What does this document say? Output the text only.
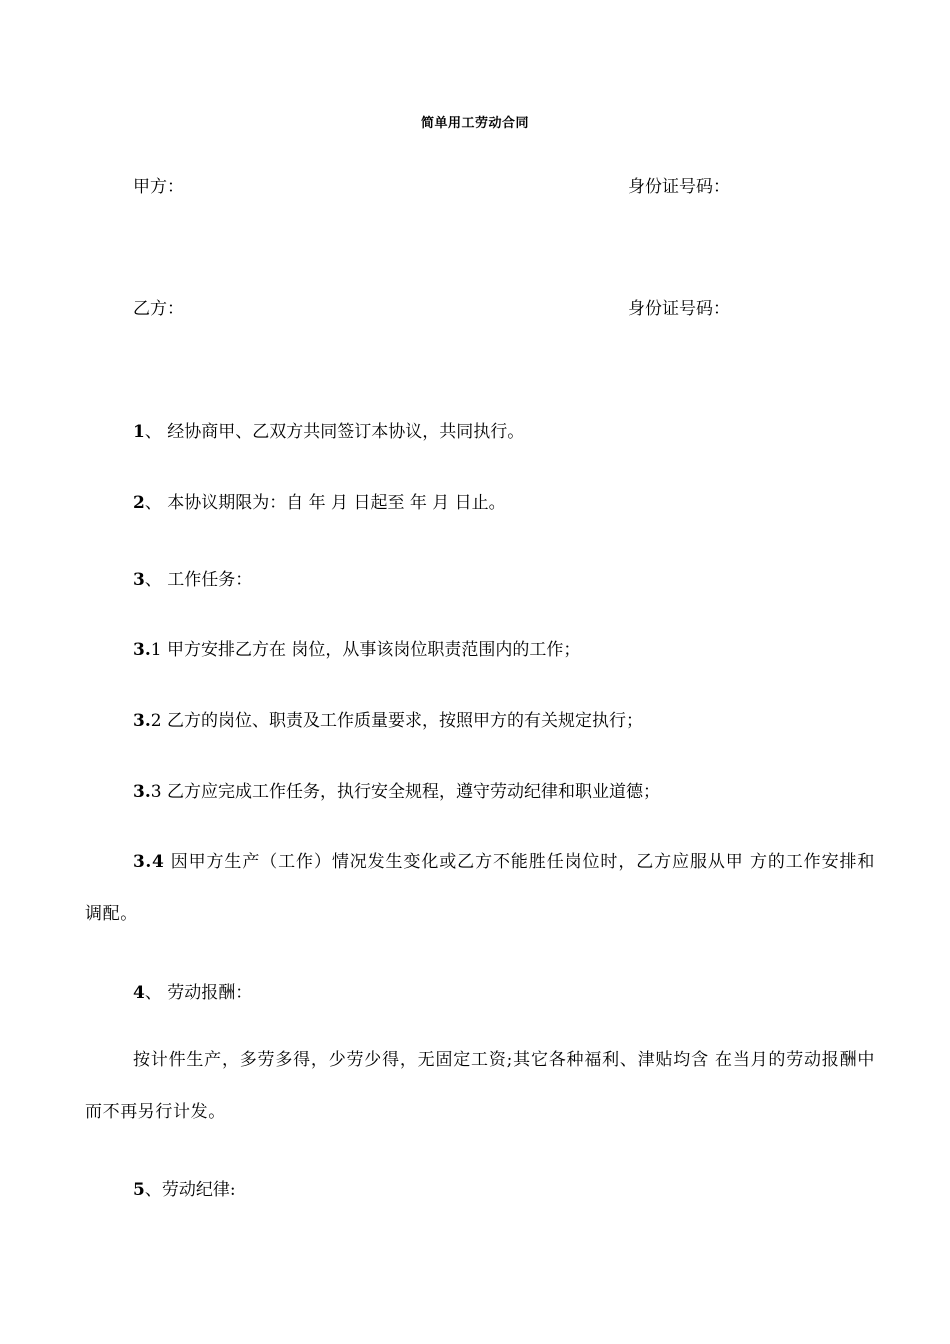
简单用工劳动合同
甲方：	身份证号码：
乙方：	身份证号码：
1、 经协商甲、乙双方共同签订本协议，共同执行。
2、 本协议期限为：自 年 月 日起至 年 月 日止。
3、 工作任务：
3.1 甲方安排乙方在 岗位，从事该岗位职责范围内的工作；
3.2 乙方的岗位、职责及工作质量要求，按照甲方的有关规定执行；
3.3 乙方应完成工作任务，执行安全规程，遵守劳动纪律和职业道德；
3.4 因甲方生产（工作）情况发生变化或乙方不能胜任岗位时，乙方应服从甲 方的工作安排和调配。
4、 劳动报酬：
按计件生产，多劳多得，少劳少得，无固定工资;其它各种福利、津贴均含 在当月的劳动报酬中而不再另行计发。
5、劳动纪律:
